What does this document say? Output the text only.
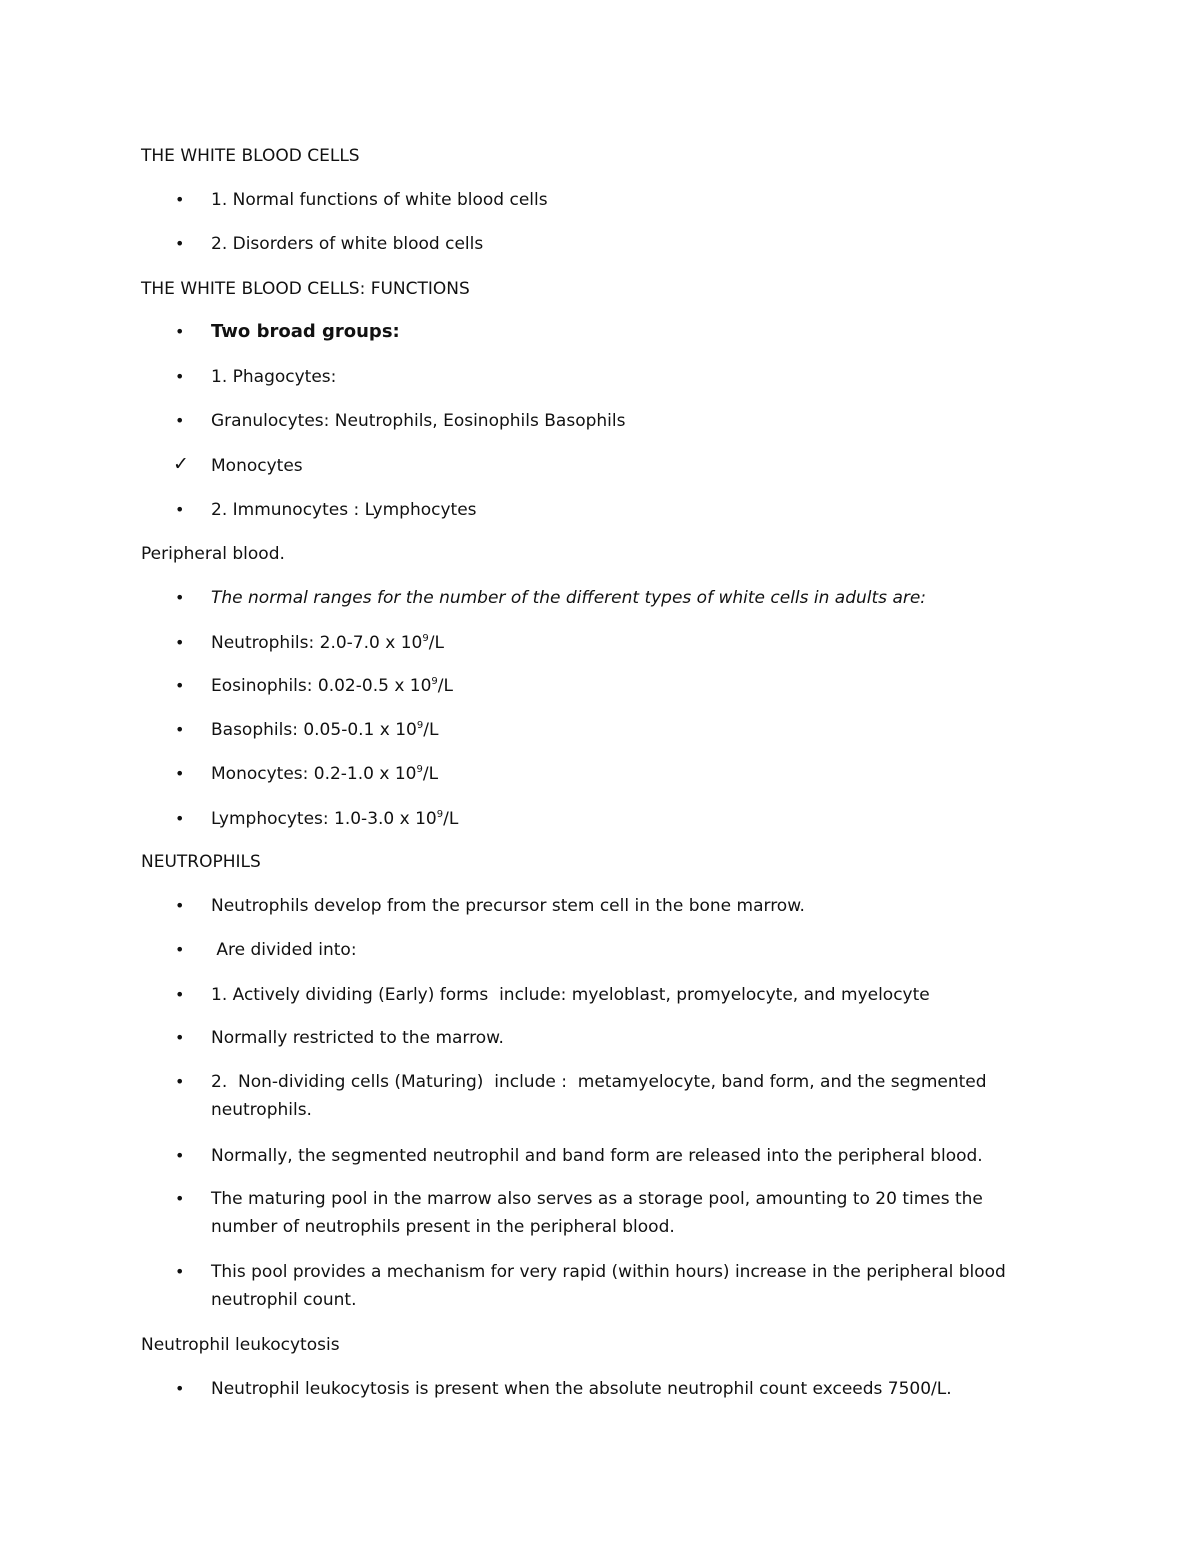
THE WHITE BLOOD CELLS
• 1. Normal functions of white blood cells
• 2. Disorders of white blood cells
THE WHITE BLOOD CELLS: FUNCTIONS
• Two broad groups:
• 1. Phagocytes:
• Granulocytes: Neutrophils, Eosinophils Basophils
✓ Monocytes
• 2. Immunocytes : Lymphocytes
Peripheral blood.
• The normal ranges for the number of the different types of white cells in adults are:
• Neutrophils: 2.0-7.0 x $10^9/L$
• Eosinophils: 0.02-0.5 x $10^9/L$
• Basophils: 0.05-0.1 x $10^9/L$
• Monocytes: 0.2-1.0 x $10^9/L$
• Lymphocytes: 1.0-3.0 x $10^9/L$
NEUTROPHILS
• Neutrophils develop from the precursor stem cell in the bone marrow.
• Are divided into:
• 1. Actively dividing (Early) forms  include: myeloblast, promyelocyte, and myelocyte
• Normally restricted to the marrow.
• 2.  Non-dividing cells (Maturing)  include :  metamyelocyte, band form, and the segmented neutrophils.
• Normally, the segmented neutrophil and band form are released into the peripheral blood.
• The maturing pool in the marrow also serves as a storage pool, amounting to 20 times the number of neutrophils present in the peripheral blood.
• This pool provides a mechanism for very rapid (within hours) increase in the peripheral blood neutrophil count.
Neutrophil leukocytosis
• Neutrophil leukocytosis is present when the absolute neutrophil count exceeds 7500/L.
